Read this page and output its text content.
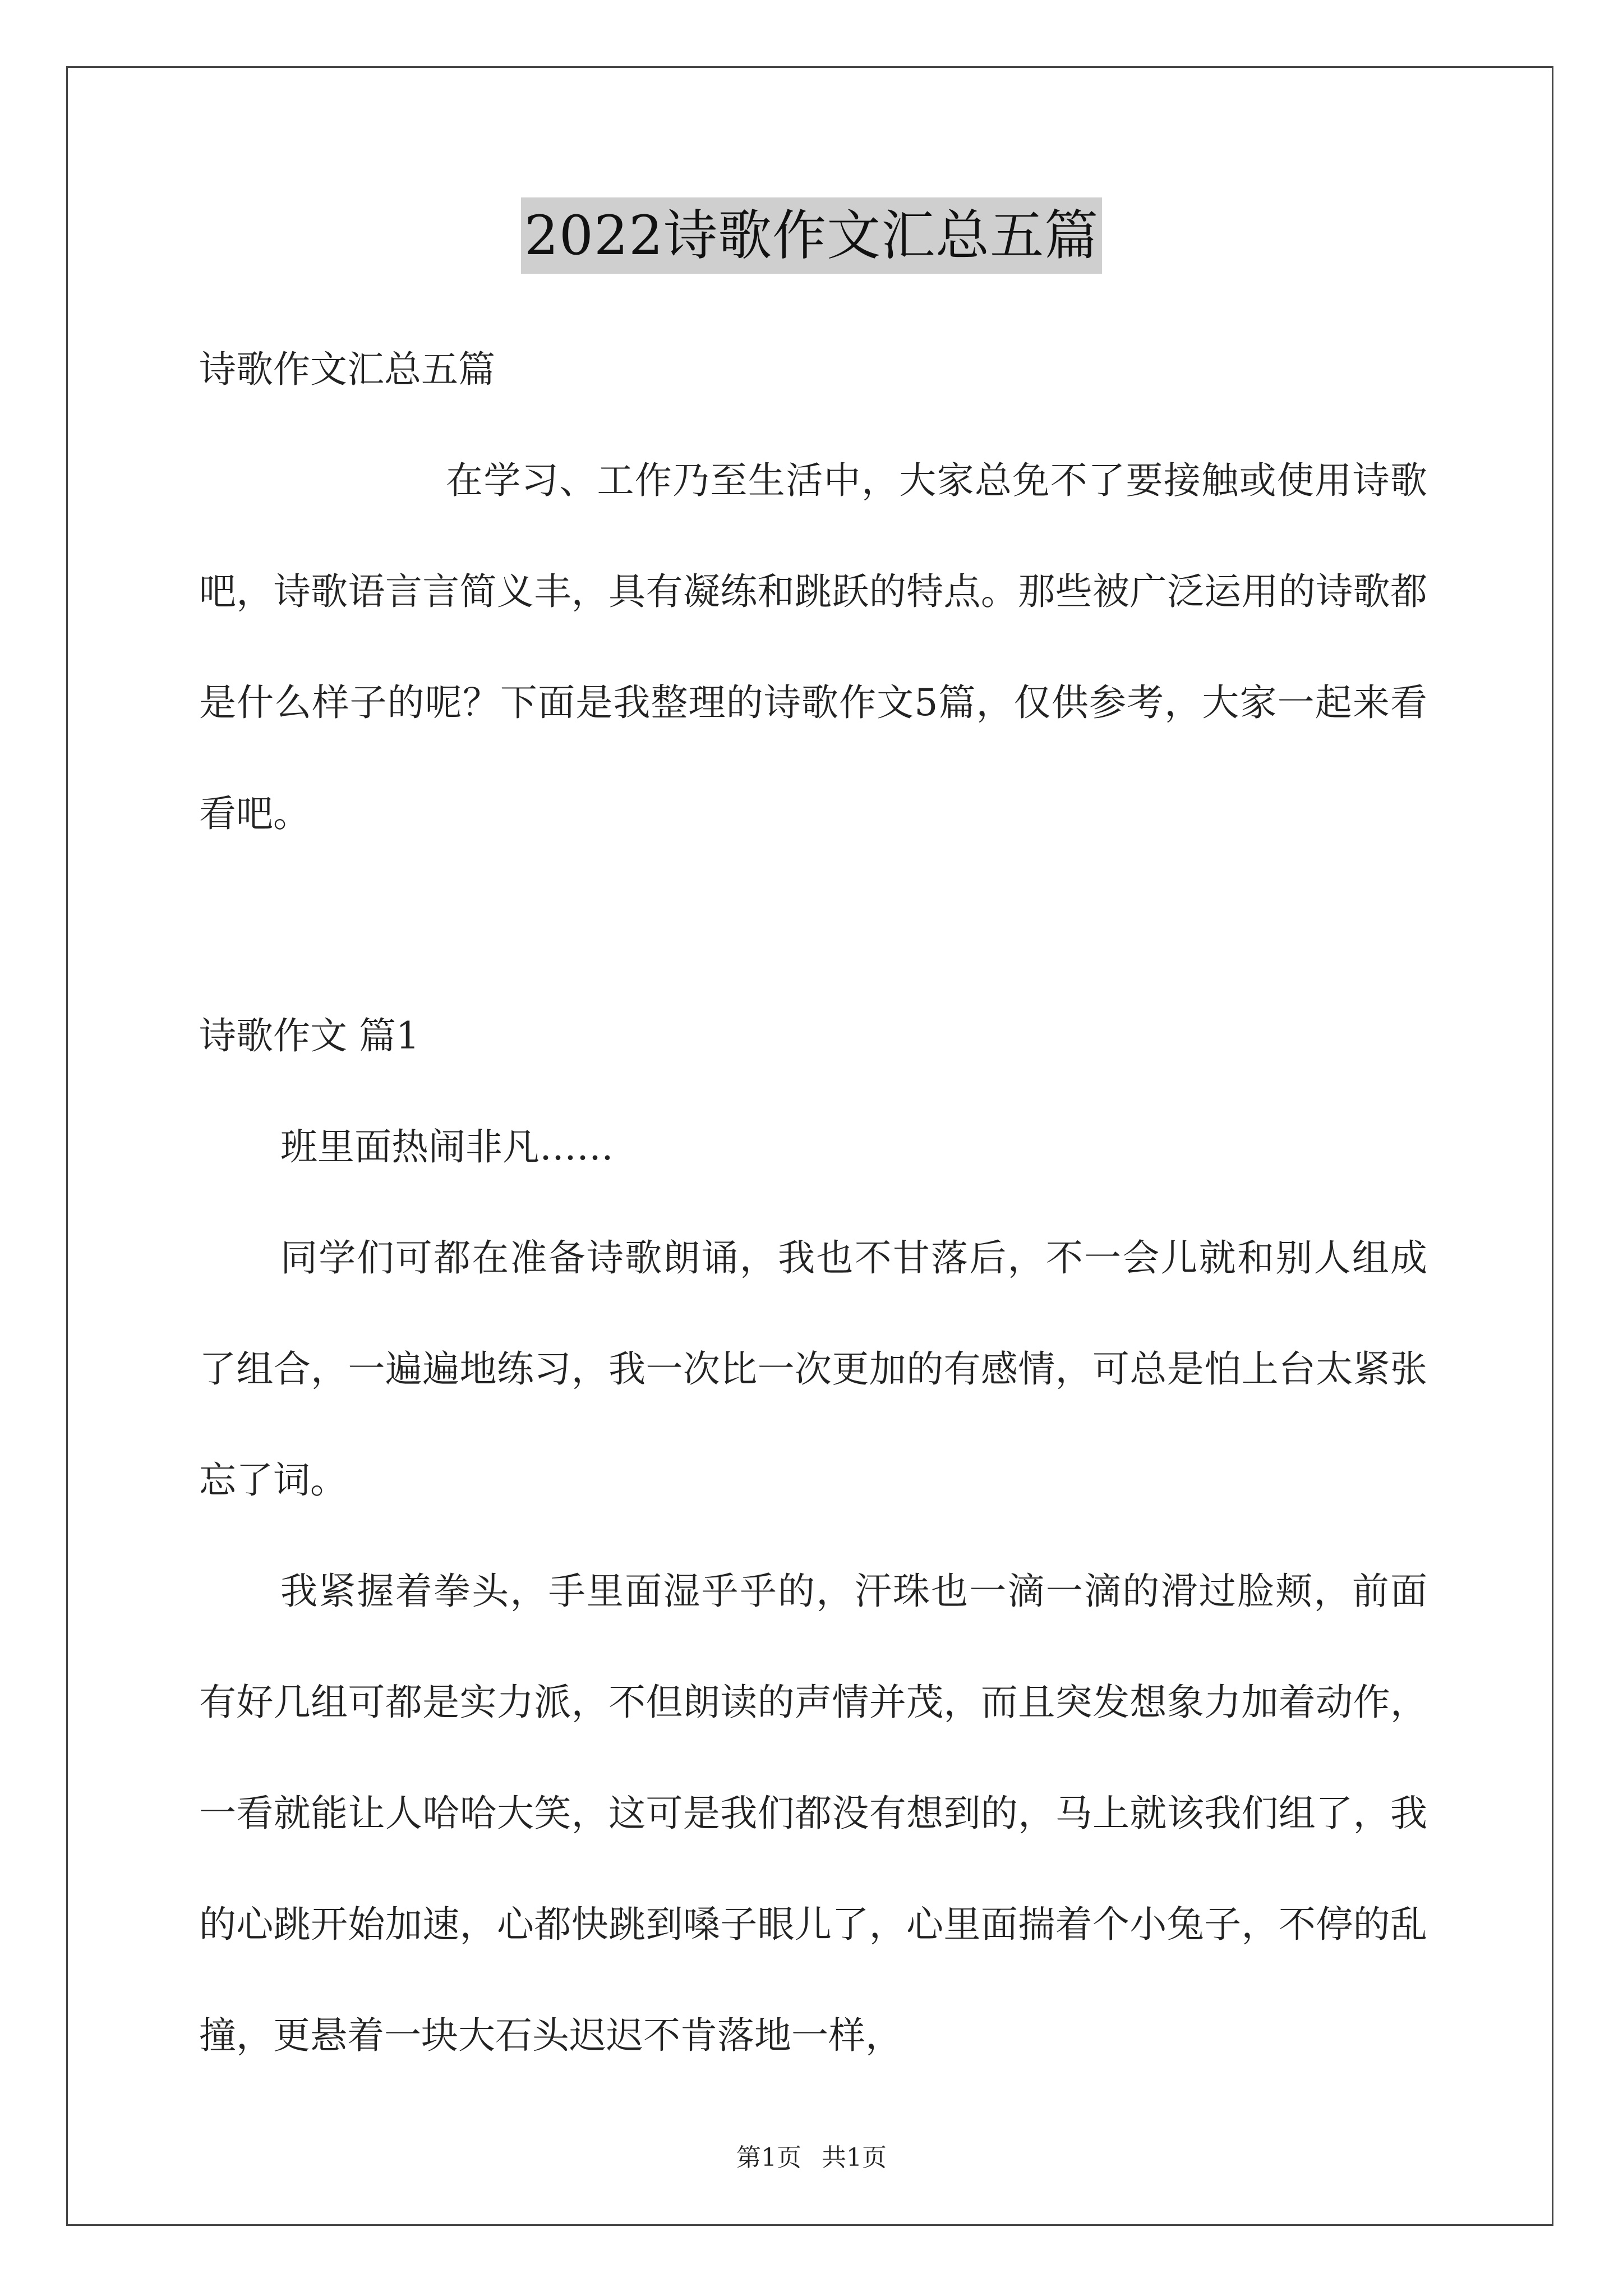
2022诗歌作文汇总五篇

诗歌作文汇总五篇

在学习、工作乃至生活中，大家总免不了要接触或使用诗歌吧，诗歌语言言简义丰，具有凝练和跳跃的特点。那些被广泛运用的诗歌都是什么样子的呢？下面是我整理的诗歌作文5篇，仅供参考，大家一起来看看吧。

诗歌作文 篇1

班里面热闹非凡……

同学们可都在准备诗歌朗诵，我也不甘落后，不一会儿就和别人组成了组合，一遍遍地练习，我一次比一次更加的有感情，可总是怕上台太紧张忘了词。

我紧握着拳头，手里面湿乎乎的，汗珠也一滴一滴的滑过脸颊，前面有好几组可都是实力派，不但朗读的声情并茂，而且突发想象力加着动作，一看就能让人哈哈大笑，这可是我们都没有想到的，马上就该我们组了，我的心跳开始加速，心都快跳到嗓子眼儿了，心里面揣着个小兔子，不停的乱撞，更悬着一块大石头迟迟不肯落地一样，

第1页 共1页
